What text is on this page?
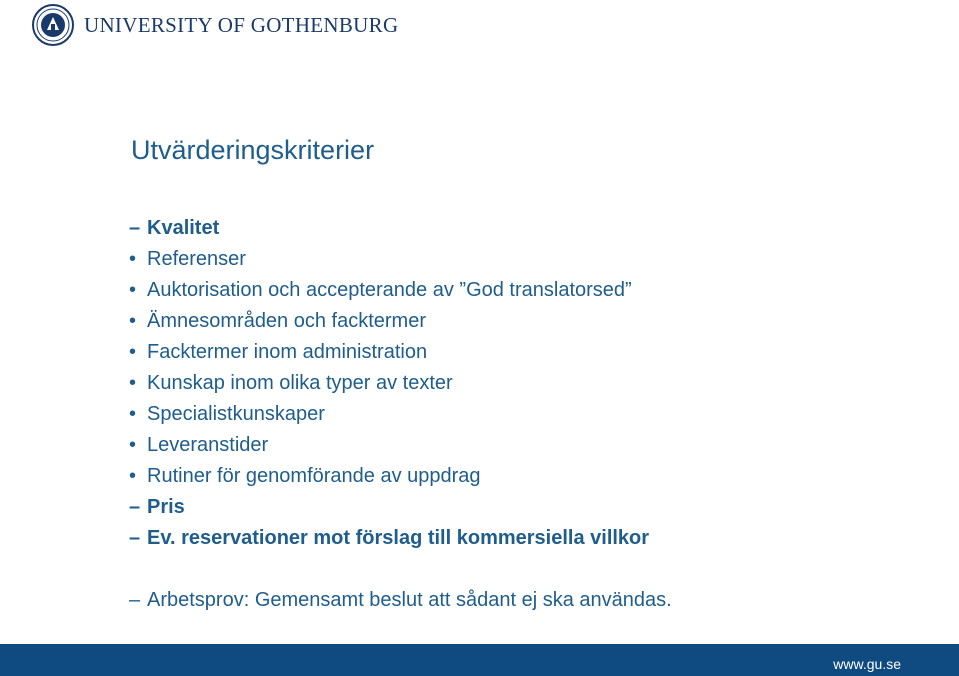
UNIVERSITY OF GOTHENBURG
Utvärderingskriterier
– Kvalitet
• Referenser
• Auktorisation och accepterande av ”God translatorsed”
• Ämnesområden och facktermer
• Facktermer inom administration
• Kunskap inom olika typer av texter
• Specialistkunskaper
• Leveranstider
• Rutiner för genomförande av uppdrag
– Pris
– Ev. reservationer mot förslag till kommersiella villkor
– Arbetsprov: Gemensamt beslut att sådant ej ska användas.
www.gu.se
